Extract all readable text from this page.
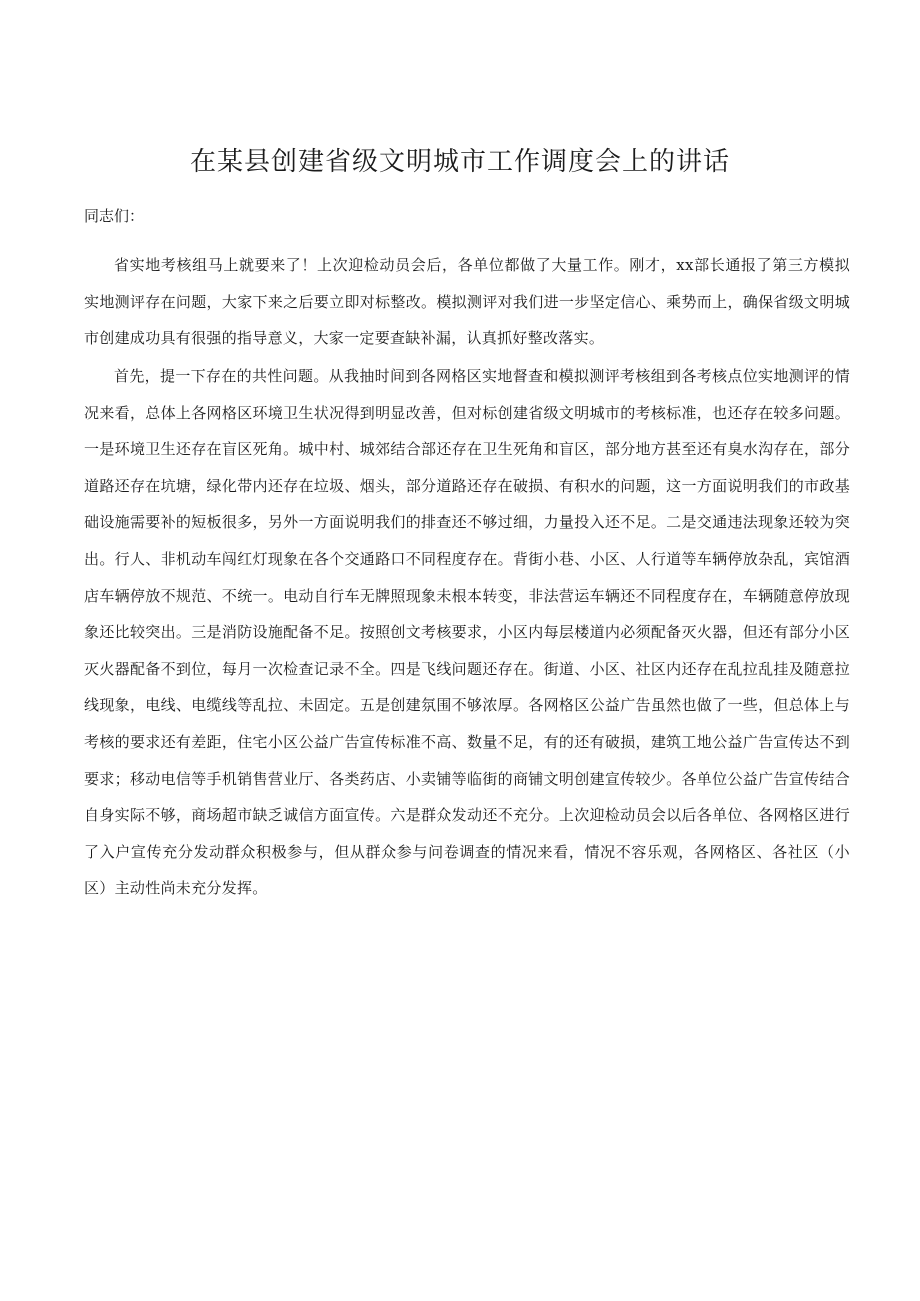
在某县创建省级文明城市工作调度会上的讲话

同志们：

省实地考核组马上就要来了！上次迎检动员会后，各单位都做了大量工作。刚才，xx部长通报了第三方模拟实地测评存在问题，大家下来之后要立即对标整改。模拟测评对我们进一步坚定信心、乘势而上，确保省级文明城市创建成功具有很强的指导意义，大家一定要查缺补漏，认真抓好整改落实。

首先，提一下存在的共性问题。从我抽时间到各网格区实地督查和模拟测评考核组到各考核点位实地测评的情况来看，总体上各网格区环境卫生状况得到明显改善，但对标创建省级文明城市的考核标准，也还存在较多问题。一是环境卫生还存在盲区死角。城中村、城郊结合部还存在卫生死角和盲区，部分地方甚至还有臭水沟存在，部分道路还存在坑塘，绿化带内还存在垃圾、烟头，部分道路还存在破损、有积水的问题，这一方面说明我们的市政基础设施需要补的短板很多，另外一方面说明我们的排查还不够过细，力量投入还不足。二是交通违法现象还较为突出。行人、非机动车闯红灯现象在各个交通路口不同程度存在。背街小巷、小区、人行道等车辆停放杂乱，宾馆酒店车辆停放不规范、不统一。电动自行车无牌照现象未根本转变，非法营运车辆还不同程度存在，车辆随意停放现象还比较突出。三是消防设施配备不足。按照创文考核要求，小区内每层楼道内必须配备灭火器，但还有部分小区灭火器配备不到位，每月一次检查记录不全。四是飞线问题还存在。街道、小区、社区内还存在乱拉乱挂及随意拉线现象，电线、电缆线等乱拉、未固定。五是创建氛围不够浓厚。各网格区公益广告虽然也做了一些，但总体上与考核的要求还有差距，住宅小区公益广告宣传标准不高、数量不足，有的还有破损，建筑工地公益广告宣传达不到要求；移动电信等手机销售营业厅、各类药店、小卖铺等临街的商铺文明创建宣传较少。各单位公益广告宣传结合自身实际不够，商场超市缺乏诚信方面宣传。六是群众发动还不充分。上次迎检动员会以后各单位、各网格区进行了入户宣传充分发动群众积极参与，但从群众参与问卷调查的情况来看，情况不容乐观，各网格区、各社区（小区）主动性尚未充分发挥。
